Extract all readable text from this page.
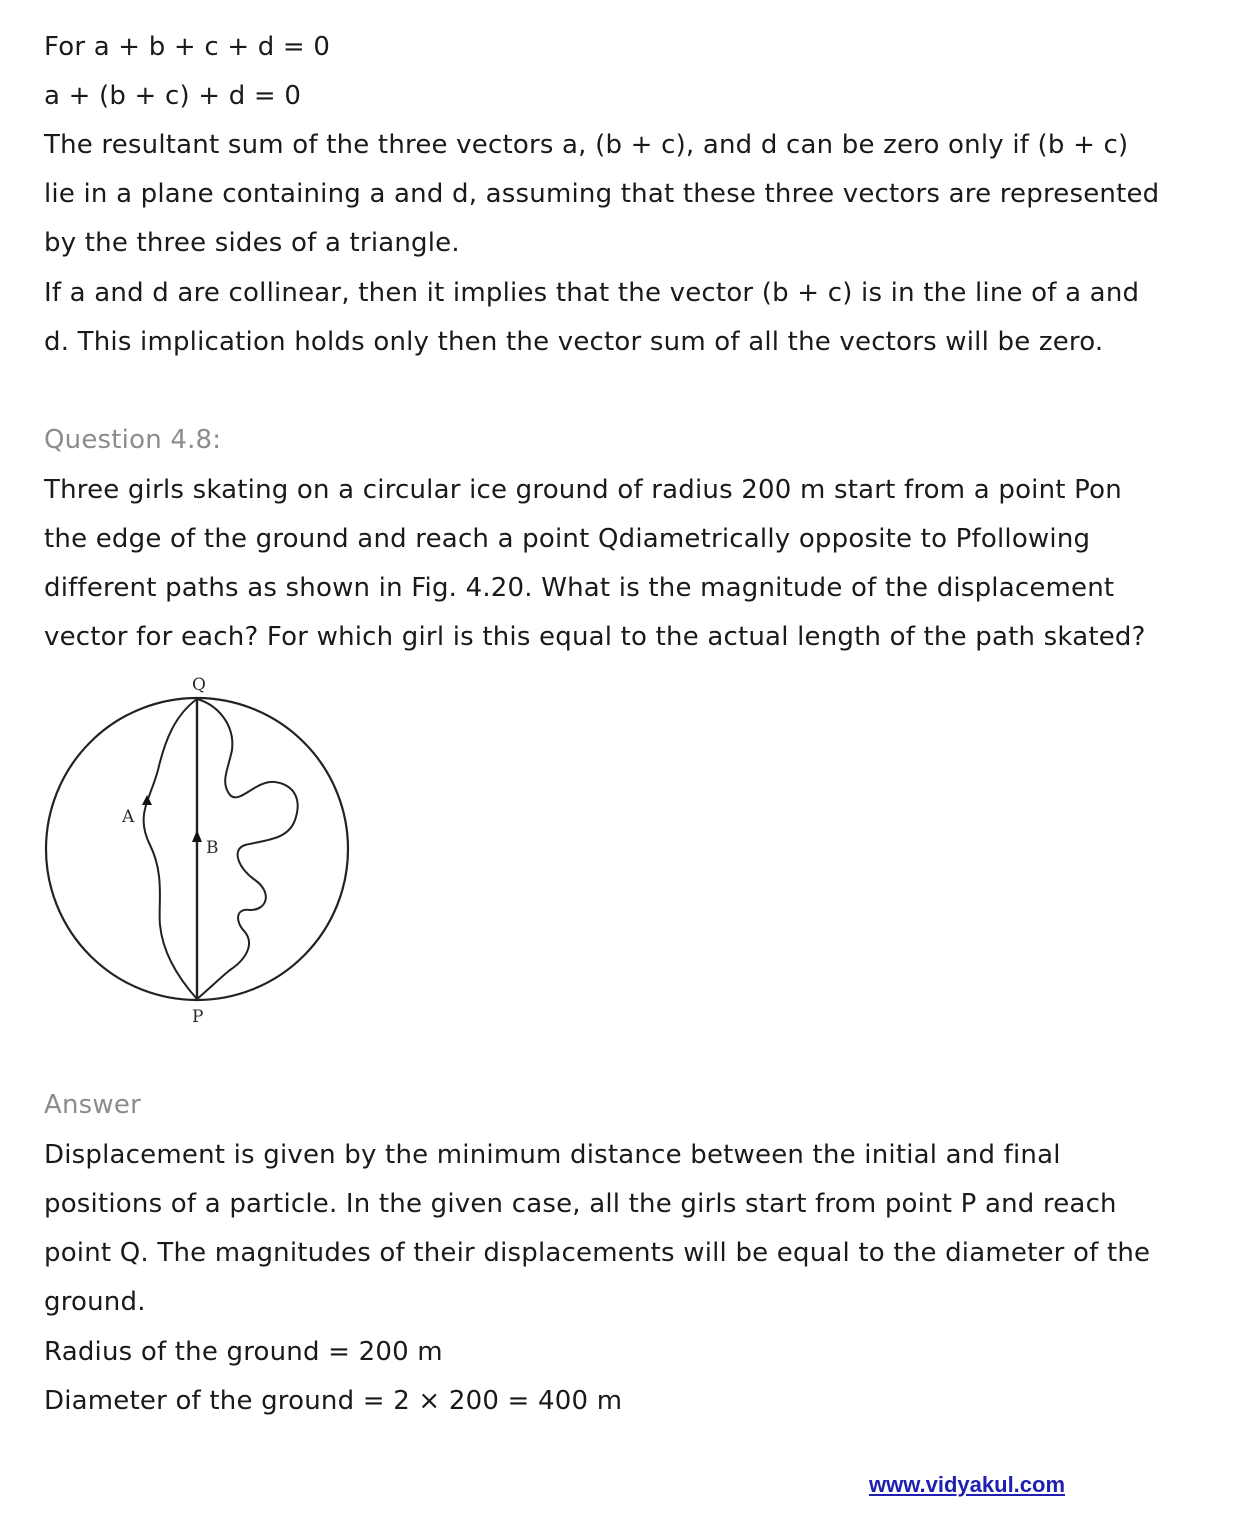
For a + b + c + d = 0
a + (b + c) + d = 0
The resultant sum of the three vectors a, (b + c), and d can be zero only if (b + c)
lie in a plane containing a and d, assuming that these three vectors are represented
by the three sides of a triangle.
If a and d are collinear, then it implies that the vector (b + c) is in the line of a and
d. This implication holds only then the vector sum of all the vectors will be zero.
Question 4.8:
Three girls skating on a circular ice ground of radius 200 m start from a point Pon
the edge of the ground and reach a point Qdiametrically opposite to Pfollowing
different paths as shown in Fig. 4.20. What is the magnitude of the displacement
vector for each? For which girl is this equal to the actual length of the path skated?
Q
A
B
P
Answer
Displacement is given by the minimum distance between the initial and final
positions of a particle. In the given case, all the girls start from point P and reach
point Q. The magnitudes of their displacements will be equal to the diameter of the
ground.
Radius of the ground = 200 m
Diameter of the ground = 2 × 200 = 400 m
www.vidyakul.com
